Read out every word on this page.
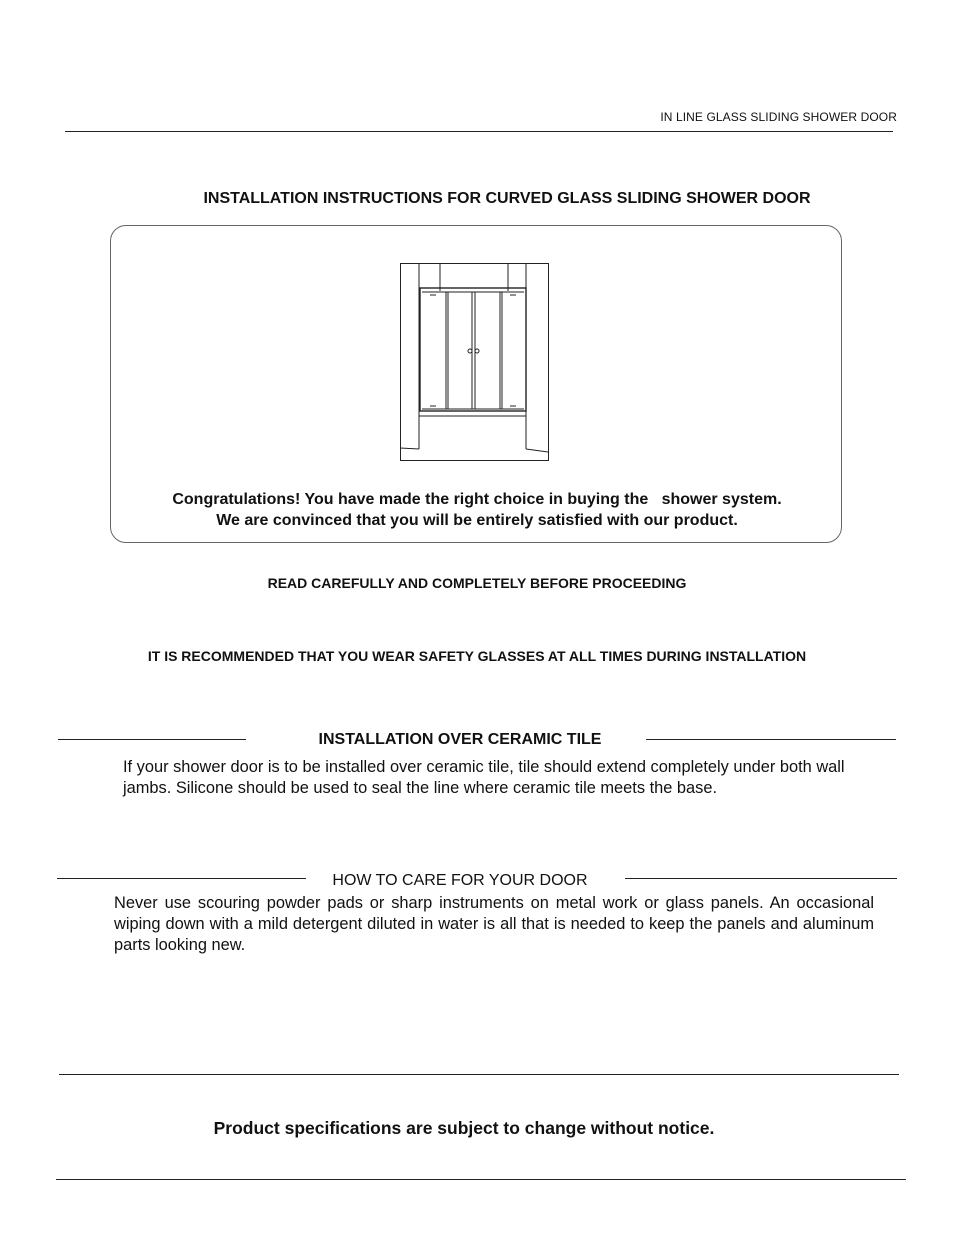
IN LINE GLASS SLIDING SHOWER DOOR
INSTALLATION INSTRUCTIONS FOR CURVED GLASS SLIDING SHOWER DOOR
Congratulations! You have made the right choice in buying the   shower system.
We are convinced that you will be entirely satisfied with our product.
READ CAREFULLY AND COMPLETELY BEFORE PROCEEDING
IT IS RECOMMENDED THAT YOU WEAR SAFETY GLASSES AT ALL TIMES DURING INSTALLATION
INSTALLATION OVER CERAMIC TILE
If your shower door is to be installed over ceramic tile, tile should extend completely under both wall jambs. Silicone should be used to seal the line where ceramic tile meets the base.
HOW TO CARE FOR YOUR DOOR
Never use scouring powder pads or sharp instruments on metal work or glass panels. An occasional wiping down with a mild detergent diluted in water is all that is needed to keep the panels and aluminum parts looking new.
Product specifications are subject to change without notice.
